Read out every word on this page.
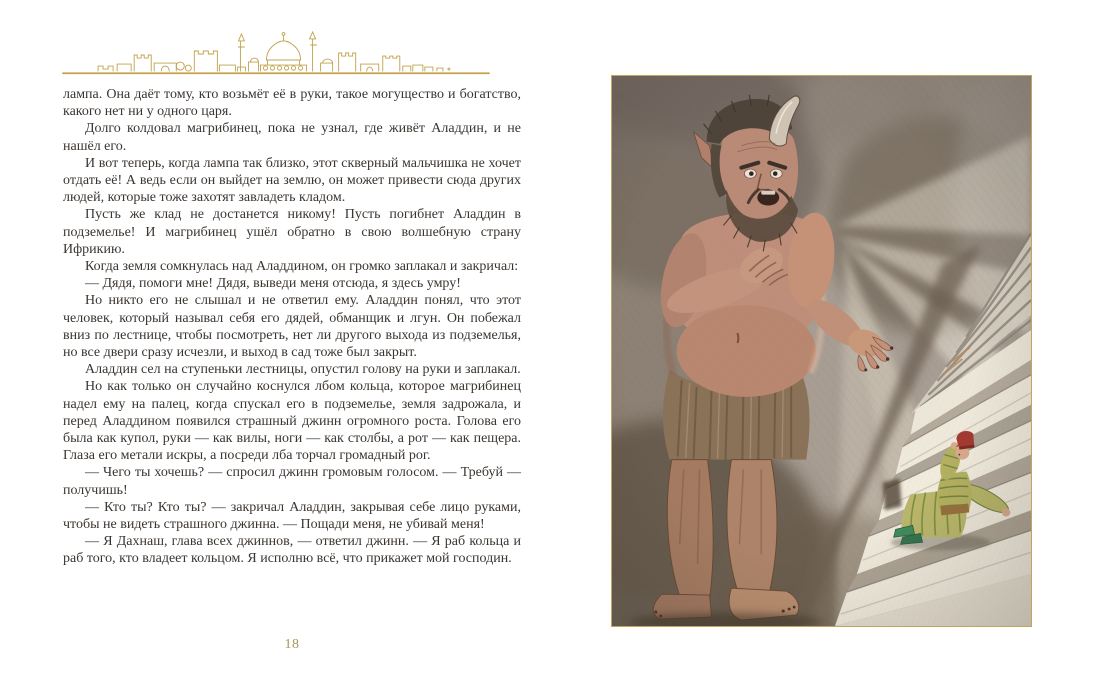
лампа. Она даёт тому, кто возьмёт её в руки, такое могущество и богатство, какого нет ни у одного царя.

Долго колдовал магрибинец, пока не узнал, где живёт Аладдин, и не нашёл его.

И вот теперь, когда лампа так близко, этот скверный мальчишка не хочет отдать её! А ведь если он выйдет на землю, он может привести сюда других людей, которые тоже захотят завладеть кладом.

Пусть же клад не достанется никому! Пусть погибнет Аладдин в подземелье! И магрибинец ушёл обратно в свою волшебную страну Ифрикию.

Когда земля сомкнулась над Аладдином, он громко заплакал и закричал:

— Дядя, помоги мне! Дядя, выведи меня отсюда, я здесь умру!

Но никто его не слышал и не ответил ему. Аладдин понял, что этот человек, который называл себя его дядей, обманщик и лгун. Он побежал вниз по лестнице, чтобы посмотреть, нет ли другого выхода из подземелья, но все двери сразу исчезли, и выход в сад тоже был закрыт.

Аладдин сел на ступеньки лестницы, опустил голову на руки и заплакал.

Но как только он случайно коснулся лбом кольца, которое магрибинец надел ему на палец, когда спускал его в подземелье, земля задрожала, и перед Аладдином появился страшный джинн огромного роста. Голова его была как купол, руки — как вилы, ноги — как столбы, а рот — как пещера. Глаза его метали искры, а посреди лба торчал громадный рог.

— Чего ты хочешь? — спросил джинн громовым голосом. — Требуй — получишь!

— Кто ты? Кто ты? — закричал Аладдин, закрывая себе лицо руками, чтобы не видеть страшного джинна. — Пощади меня, не убивай меня!

— Я Дахнаш, глава всех джиннов, — ответил джинн. — Я раб кольца и раб того, кто владеет кольцом. Я исполню всё, что прикажет мой господин.

18
